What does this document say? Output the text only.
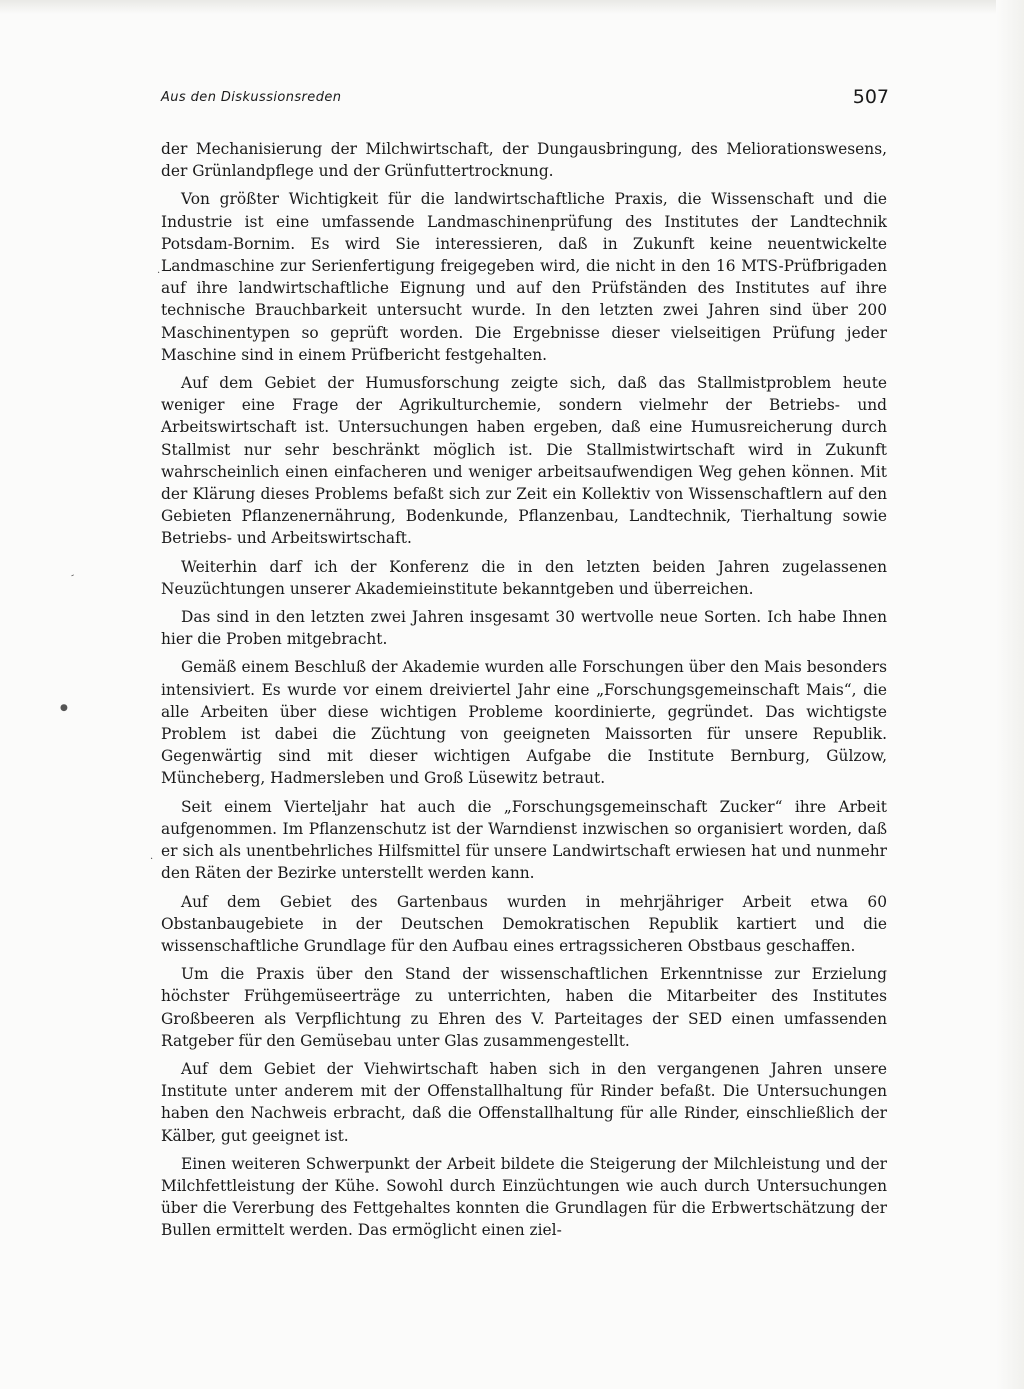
Aus den Diskussionsreden	507

der Mechanisierung der Milchwirtschaft, der Dungausbringung, des Meliorationswesens, der Grünlandpflege und der Grünfuttertrocknung.

Von größter Wichtigkeit für die landwirtschaftliche Praxis, die Wissenschaft und die Industrie ist eine umfassende Landmaschinenprüfung des Institutes der Landtechnik Potsdam-Bornim. Es wird Sie interessieren, daß in Zukunft keine neuentwickelte Landmaschine zur Serienfertigung freigegeben wird, die nicht in den 16 MTS-Prüfbrigaden auf ihre landwirtschaftliche Eignung und auf den Prüfständen des Institutes auf ihre technische Brauchbarkeit untersucht wurde. In den letzten zwei Jahren sind über 200 Maschinentypen so geprüft worden. Die Ergebnisse dieser vielseitigen Prüfung jeder Maschine sind in einem Prüfbericht festgehalten.

Auf dem Gebiet der Humusforschung zeigte sich, daß das Stallmistproblem heute weniger eine Frage der Agrikulturchemie, sondern vielmehr der Betriebs- und Arbeitswirtschaft ist. Untersuchungen haben ergeben, daß eine Humusreicherung durch Stallmist nur sehr beschränkt möglich ist. Die Stallmistwirtschaft wird in Zukunft wahrscheinlich einen einfacheren und weniger arbeitsaufwendigen Weg gehen können. Mit der Klärung dieses Problems befaßt sich zur Zeit ein Kollektiv von Wissenschaftlern auf den Gebieten Pflanzenernährung, Bodenkunde, Pflanzenbau, Landtechnik, Tierhaltung sowie Betriebs- und Arbeitswirtschaft.

Weiterhin darf ich der Konferenz die in den letzten beiden Jahren zugelassenen Neuzüchtungen unserer Akademieinstitute bekanntgeben und überreichen.

Das sind in den letzten zwei Jahren insgesamt 30 wertvolle neue Sorten. Ich habe Ihnen hier die Proben mitgebracht.

Gemäß einem Beschluß der Akademie wurden alle Forschungen über den Mais besonders intensiviert. Es wurde vor einem dreiviertel Jahr eine „Forschungsgemeinschaft Mais“, die alle Arbeiten über diese wichtigen Probleme koordinierte, gegründet. Das wichtigste Problem ist dabei die Züchtung von geeigneten Maissorten für unsere Republik. Gegenwärtig sind mit dieser wichtigen Aufgabe die Institute Bernburg, Gülzow, Müncheberg, Hadmersleben und Groß Lüsewitz betraut.

Seit einem Vierteljahr hat auch die „Forschungsgemeinschaft Zucker“ ihre Arbeit aufgenommen. Im Pflanzenschutz ist der Warndienst inzwischen so organisiert worden, daß er sich als unentbehrliches Hilfsmittel für unsere Landwirtschaft erwiesen hat und nunmehr den Räten der Bezirke unterstellt werden kann.

Auf dem Gebiet des Gartenbaus wurden in mehrjähriger Arbeit etwa 60 Obstanbaugebiete in der Deutschen Demokratischen Republik kartiert und die wissenschaftliche Grundlage für den Aufbau eines ertragssicheren Obstbaus geschaffen.

Um die Praxis über den Stand der wissenschaftlichen Erkenntnisse zur Erzielung höchster Frühgemüseerträge zu unterrichten, haben die Mitarbeiter des Institutes Großbeeren als Verpflichtung zu Ehren des V. Parteitages der SED einen umfassenden Ratgeber für den Gemüsebau unter Glas zusammengestellt.

Auf dem Gebiet der Viehwirtschaft haben sich in den vergangenen Jahren unsere Institute unter anderem mit der Offenstallhaltung für Rinder befaßt. Die Untersuchungen haben den Nachweis erbracht, daß die Offenstallhaltung für alle Rinder, einschließlich der Kälber, gut geeignet ist.

Einen weiteren Schwerpunkt der Arbeit bildete die Steigerung der Milchleistung und der Milchfettleistung der Kühe. Sowohl durch Einzüchtungen wie auch durch Untersuchungen über die Vererbung des Fettgehaltes konnten die Grundlagen für die Erbwertschätzung der Bullen ermittelt werden. Das ermöglicht einen ziel-

·
-
●
·
